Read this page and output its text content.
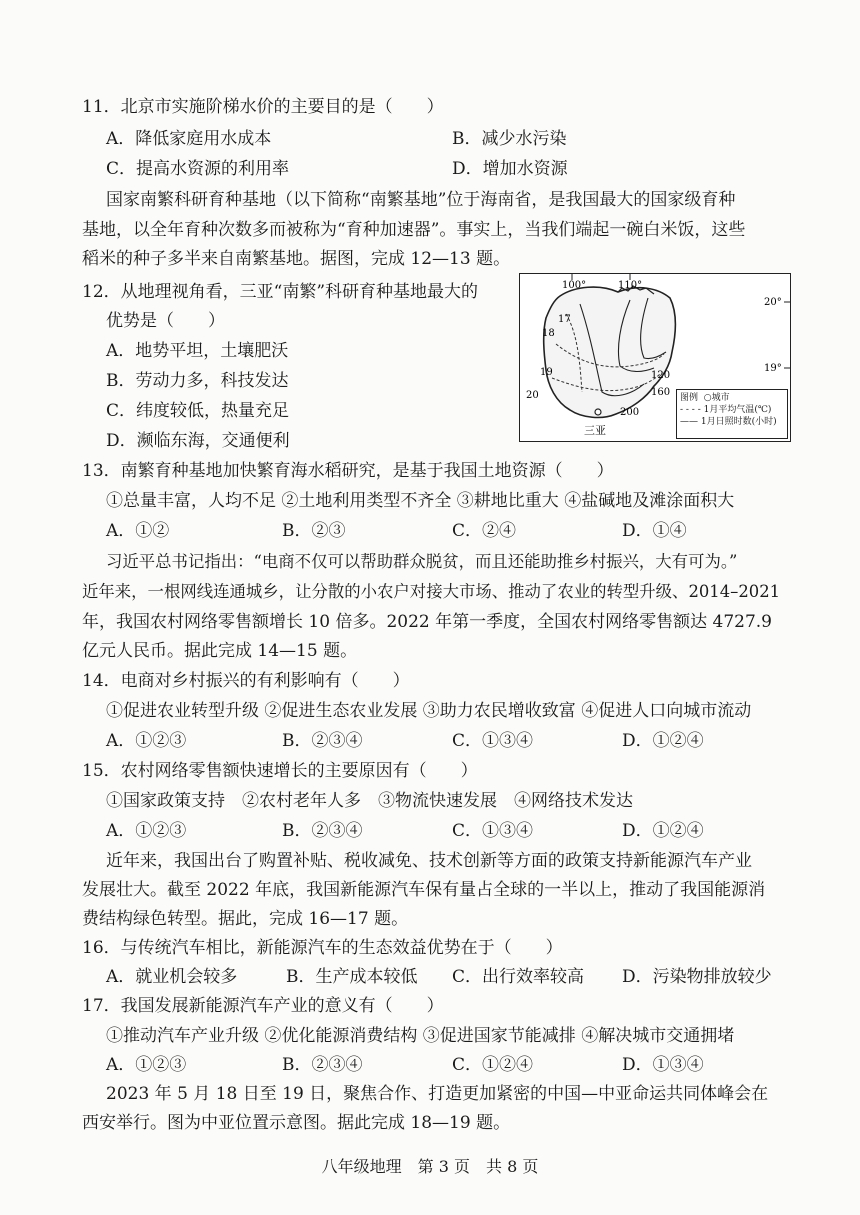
11．北京市实施阶梯水价的主要目的是（　　）
A．降低家庭用水成本	B．减少水污染
C．提高水资源的利用率	D．增加水资源
国家南繁科研育种基地（以下简称“南繁基地”位于海南省，是我国最大的国家级育种
基地，以全年育种次数多而被称为“育种加速器”。事实上，当我们端起一碗白米饭，这些
稻米的种子多半来自南繁基地。据图，完成 12—13 题。
12．从地理视角看，三亚“南繁”科研育种基地最大的
优势是（　　）
A．地势平坦，土壤肥沃
B．劳动力多，科技发达
C．纬度较低，热量充足
D．濒临东海，交通便利
100°	110°
20°
19°
17
18
19
20
120
160
200
三亚
图例 ○城市
- - - - 1月平均气温(℃)
—— 1月日照时数(小时)
13．南繁育种基地加快繁育海水稻研究，是基于我国土地资源（　　）
①总量丰富，人均不足 ②土地利用类型不齐全 ③耕地比重大 ④盐碱地及滩涂面积大
A．①②	B．②③	C．②④	D．①④
习近平总书记指出：“电商不仅可以帮助群众脱贫，而且还能助推乡村振兴，大有可为。”
近年来，一根网线连通城乡，让分散的小农户对接大市场、推动了农业的转型升级、2014–2021
年，我国农村网络零售额增长 10 倍多。2022 年第一季度，全国农村网络零售额达 4727.9
亿元人民币。据此完成 14—15 题。
14．电商对乡村振兴的有利影响有（　　）
①促进农业转型升级 ②促进生态农业发展 ③助力农民增收致富 ④促进人口向城市流动
A．①②③	B．②③④	C．①③④	D．①②④
15．农村网络零售额快速增长的主要原因有（　　）
①国家政策支持　②农村老年人多　③物流快速发展　④网络技术发达
A．①②③	B．②③④	C．①③④	D．①②④
近年来，我国出台了购置补贴、税收减免、技术创新等方面的政策支持新能源汽车产业
发展壮大。截至 2022 年底，我国新能源汽车保有量占全球的一半以上，推动了我国能源消
费结构绿色转型。据此，完成 16—17 题。
16．与传统汽车相比，新能源汽车的生态效益优势在于（　　）
A．就业机会较多	B．生产成本较低 C．出行效率较高 D．污染物排放较少
17．我国发展新能源汽车产业的意义有（　　）
①推动汽车产业升级 ②优化能源消费结构 ③促进国家节能减排 ④解决城市交通拥堵
A．①②③	B．②③④	C．①②④	D．①③④
2023 年 5 月 18 日至 19 日，聚焦合作、打造更加紧密的中国—中亚命运共同体峰会在
西安举行。图为中亚位置示意图。据此完成 18—19 题。
八年级地理　第 3 页　共 8 页
